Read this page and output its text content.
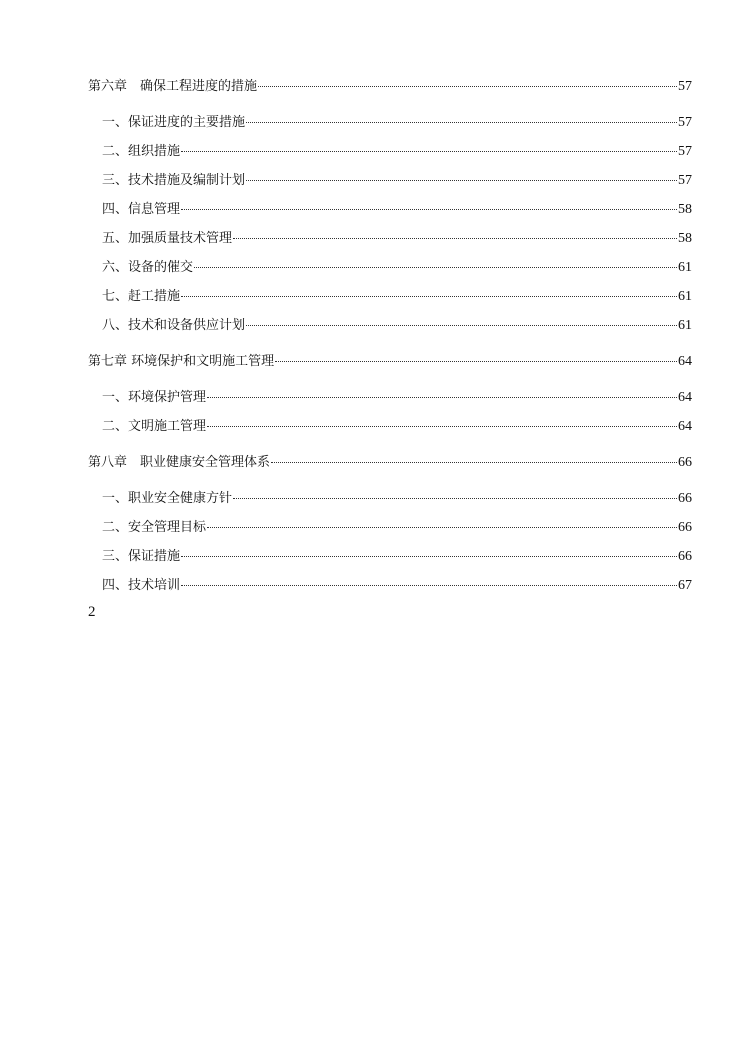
第六章　确保工程进度的措施	57
一、保证进度的主要措施	57
二、组织措施	57
三、技术措施及编制计划	57
四、信息管理	58
五、加强质量技术管理	58
六、设备的催交	61
七、赶工措施	61
八、技术和设备供应计划	61
第七章 环境保护和文明施工管理	64
一、环境保护管理	64
二、文明施工管理	64
第八章　职业健康安全管理体系	66
一、职业安全健康方针	66
二、安全管理目标	66
三、保证措施	66
四、技术培训	67
2
